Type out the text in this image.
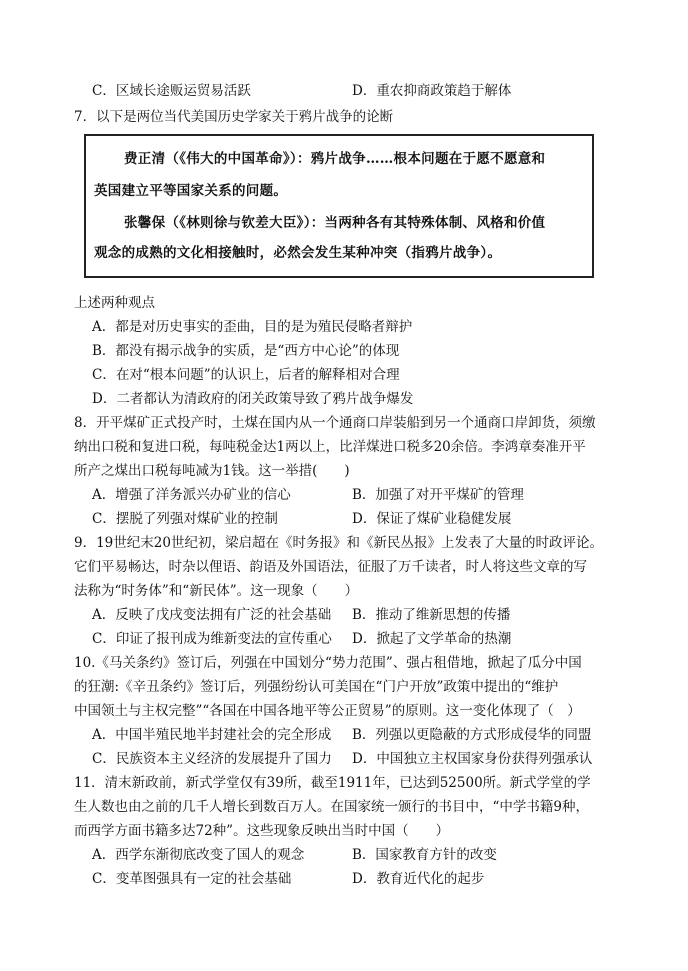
C．区域长途贩运贸易活跃	D．重农抑商政策趋于解体
7．以下是两位当代美国历史学家关于鸦片战争的论断
费正清（《伟大的中国革命》）：鸦片战争……根本问题在于愿不愿意和
英国建立平等国家关系的问题。
张馨保（《林则徐与钦差大臣》）：当两种各有其特殊体制、风格和价值
观念的成熟的文化相接触时，必然会发生某种冲突（指鸦片战争）。
上述两种观点
A．都是对历史事实的歪曲，目的是为殖民侵略者辩护
B．都没有揭示战争的实质，是“西方中心论”的体现
C．在对“根本问题”的认识上，后者的解释相对合理
D．二者都认为清政府的闭关政策导致了鸦片战争爆发
8．开平煤矿正式投产时，土煤在国内从一个通商口岸装船到另一个通商口岸卸货，须缴
纳出口税和复进口税，每吨税金达1两以上，比洋煤进口税多20余倍。李鸿章奏准开平
所产之煤出口税每吨减为1钱。这一举措(　　)
A．增强了洋务派兴办矿业的信心	B．加强了对开平煤矿的管理
C．摆脱了列强对煤矿业的控制	D．保证了煤矿业稳健发展
9．19世纪末20世纪初，梁启超在《时务报》和《新民丛报》上发表了大量的时政评论。
它们平易畅达，时杂以俚语、韵语及外国语法，征服了万千读者，时人将这些文章的写
法称为“时务体”和“新民体”。这一现象（　　）
A．反映了戊戌变法拥有广泛的社会基础 B．推动了维新思想的传播
C．印证了报刊成为维新变法的宣传重心 D．掀起了文学革命的热潮
10.《马关条约》签订后，列强在中国划分“势力范围”、强占租借地，掀起了瓜分中国
的狂潮:《辛丑条约》签订后，列强纷纷认可美国在“门户开放”政策中提出的“维护
中国领土与主权完整”“各国在中国各地平等公正贸易”的原则。这一变化体现了（　）
A．中国半殖民地半封建社会的完全形成 B．列强以更隐蔽的方式形成侵华的同盟
C．民族资本主义经济的发展提升了国力 D．中国独立主权国家身份获得列强承认
11．清末新政前，新式学堂仅有39所，截至1911年，已达到52500所。新式学堂的学
生人数也由之前的几千人增长到数百万人。在国家统一颁行的书目中，“中学书籍9种，
而西学方面书籍多达72种”。这些现象反映出当时中国（　　）
A．西学东渐彻底改变了国人的观念	B．国家教育方针的改变
C．变革图强具有一定的社会基础	D．教育近代化的起步
